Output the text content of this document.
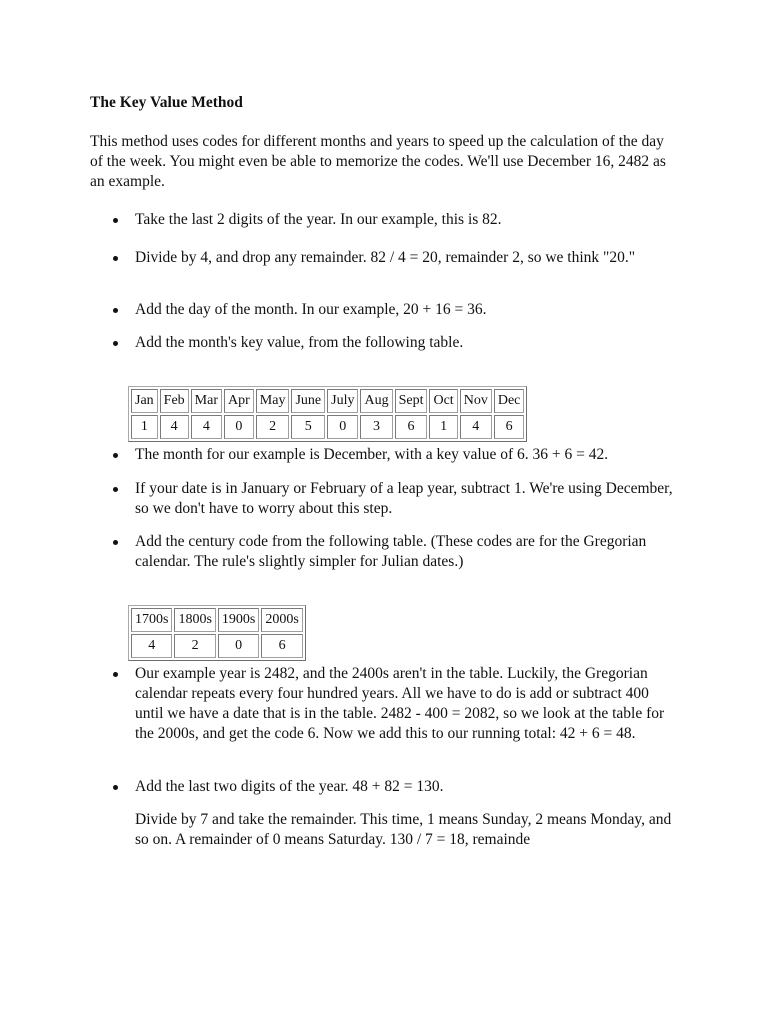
The Key Value Method

This method uses codes for different months and years to speed up the calculation of the day of the week. You might even be able to memorize the codes. We'll use December 16, 2482 as an example.

Take the last 2 digits of the year. In our example, this is 82.

Divide by 4, and drop any remainder. 82 / 4 = 20, remainder 2, so we think "20."

Add the day of the month. In our example, 20 + 16 = 36.

Add the month's key value, from the following table.

Jan	Feb	Mar	Apr	May	June	July	Aug	Sept	Oct	Nov	Dec
1	4	4	0	2	5	0	3	6	1	4	6

The month for our example is December, with a key value of 6. 36 + 6 = 42.

If your date is in January or February of a leap year, subtract 1. We're using December, so we don't have to worry about this step.

Add the century code from the following table. (These codes are for the Gregorian calendar. The rule's slightly simpler for Julian dates.)

1700s	1800s	1900s	2000s
4	2	0	6

Our example year is 2482, and the 2400s aren't in the table. Luckily, the Gregorian calendar repeats every four hundred years. All we have to do is add or subtract 400 until we have a date that is in the table. 2482 - 400 = 2082, so we look at the table for the 2000s, and get the code 6. Now we add this to our running total: 42 + 6 = 48.

Add the last two digits of the year. 48 + 82 = 130.

Divide by 7 and take the remainder. This time, 1 means Sunday, 2 means Monday, and so on. A remainder of 0 means Saturday. 130 / 7 = 18, remainde
